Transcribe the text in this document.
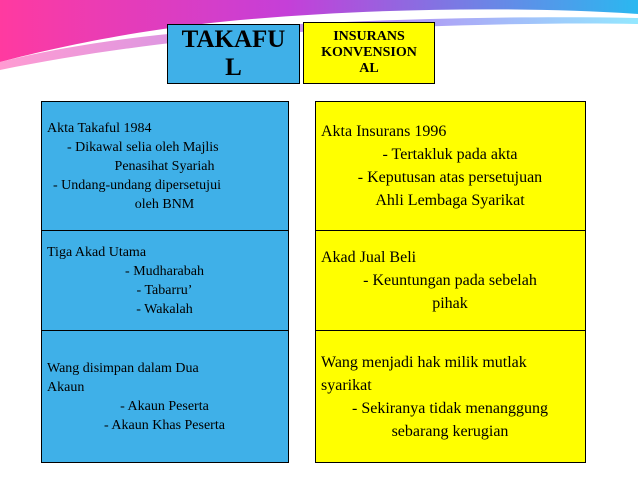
TAKAFU
L
INSURANS
KONVENSION
AL
Akta Takaful 1984
- Dikawal selia oleh Majlis
Penasihat Syariah
- Undang-undang dipersetujui
oleh BNM
Tiga Akad Utama
- Mudharabah
- Tabarru’
- Wakalah
Wang disimpan dalam Dua
Akaun
- Akaun Peserta
- Akaun Khas Peserta
Akta Insurans 1996
- Tertakluk pada akta
- Keputusan atas persetujuan
Ahli Lembaga Syarikat
Akad Jual Beli
- Keuntungan pada sebelah
pihak
Wang menjadi hak milik mutlak
syarikat
- Sekiranya tidak menanggung
sebarang kerugian
